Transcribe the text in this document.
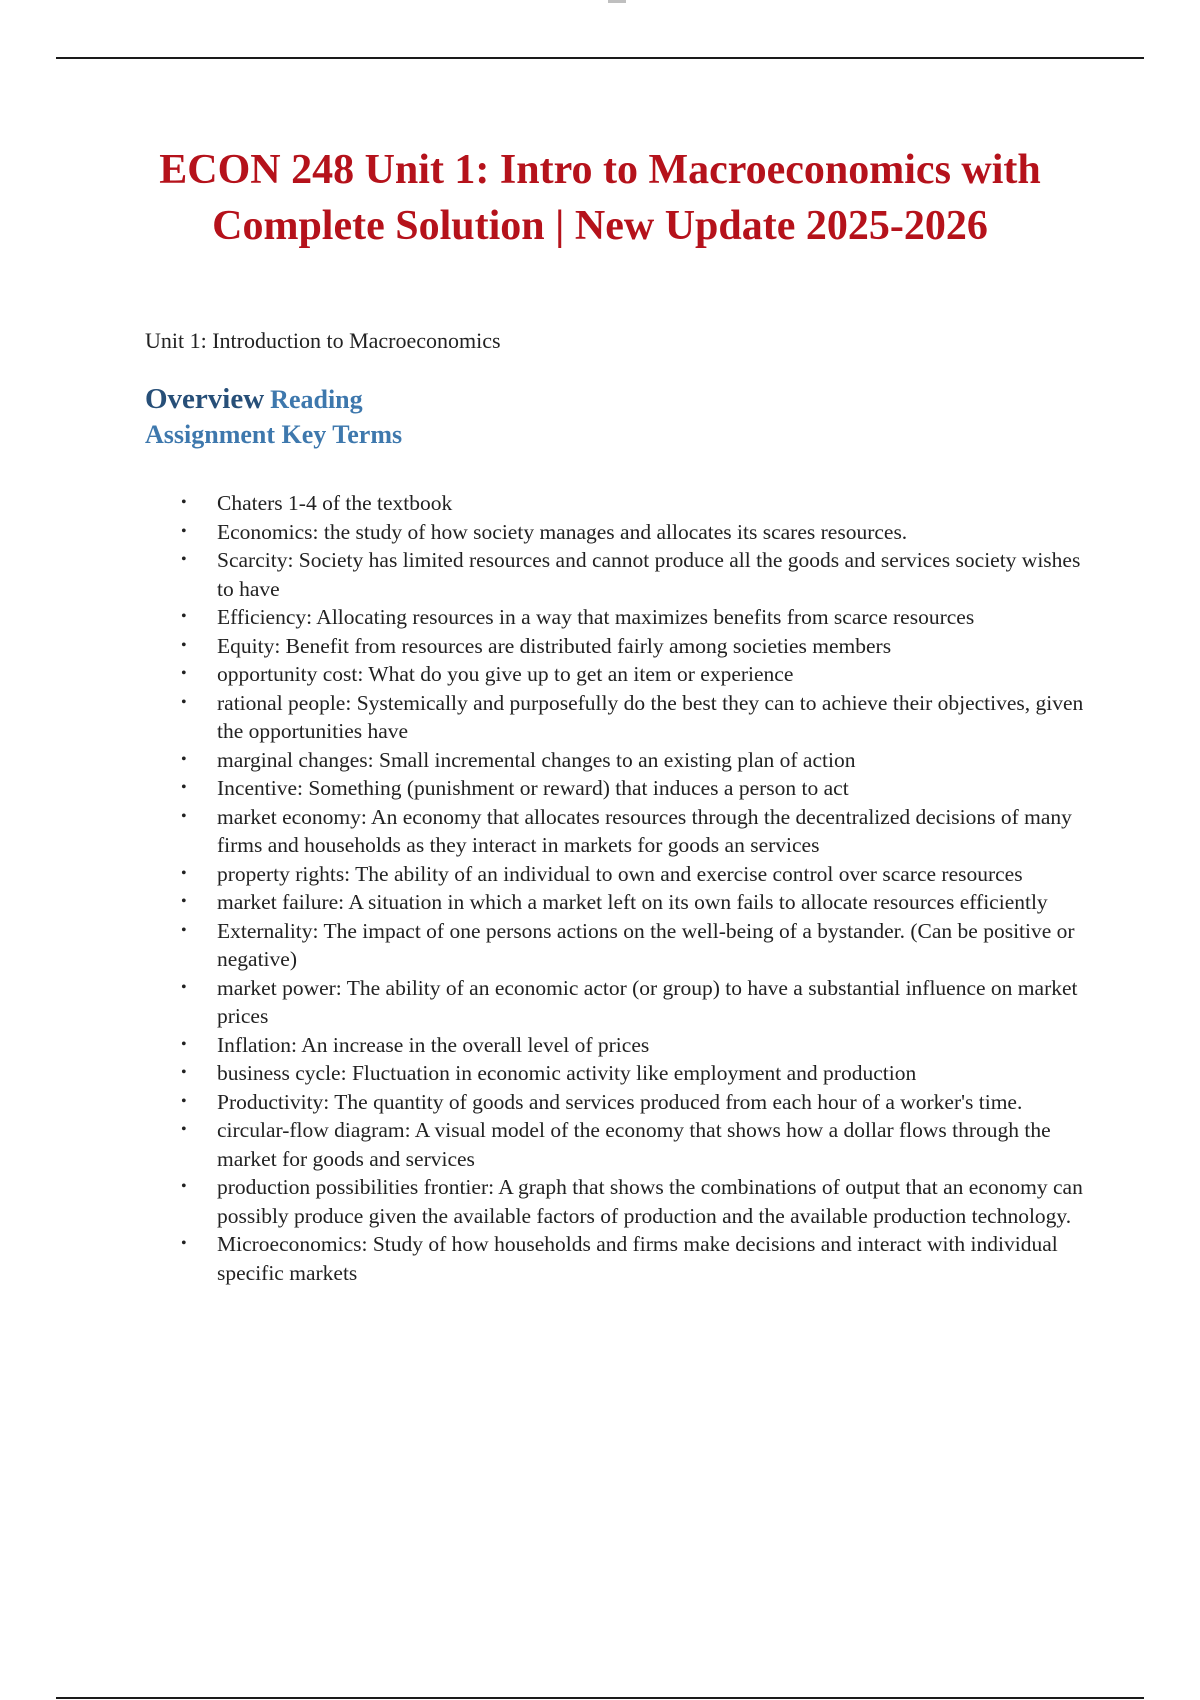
ECON 248 Unit 1: Intro to Macroeconomics with Complete Solution | New Update 2025-2026

Unit 1: Introduction to Macroeconomics

Overview Reading Assignment Key Terms
• Chaters 1-4 of the textbook
• Economics: the study of how society manages and allocates its scares resources.
• Scarcity: Society has limited resources and cannot produce all the goods and services society wishes to have
• Efficiency: Allocating resources in a way that maximizes benefits from scarce resources
• Equity: Benefit from resources are distributed fairly among societies members
• opportunity cost: What do you give up to get an item or experience
• rational people: Systemically and purposefully do the best they can to achieve their objectives, given the opportunities have
• marginal changes: Small incremental changes to an existing plan of action
• Incentive: Something (punishment or reward) that induces a person to act
• market economy: An economy that allocates resources through the decentralized decisions of many firms and households as they interact in markets for goods an services
• property rights: The ability of an individual to own and exercise control over scarce resources
• market failure: A situation in which a market left on its own fails to allocate resources efficiently
• Externality: The impact of one persons actions on the well-being of a bystander. (Can be positive or negative)
• market power: The ability of an economic actor (or group) to have a substantial influence on market prices
• Inflation: An increase in the overall level of prices
• business cycle: Fluctuation in economic activity like employment and production
• Productivity: The quantity of goods and services produced from each hour of a worker's time.
• circular-flow diagram: A visual model of the economy that shows how a dollar flows through the market for goods and services
• production possibilities frontier: A graph that shows the combinations of output that an economy can possibly produce given the available factors of production and the available production technology.
• Microeconomics: Study of how households and firms make decisions and interact with individual specific markets
